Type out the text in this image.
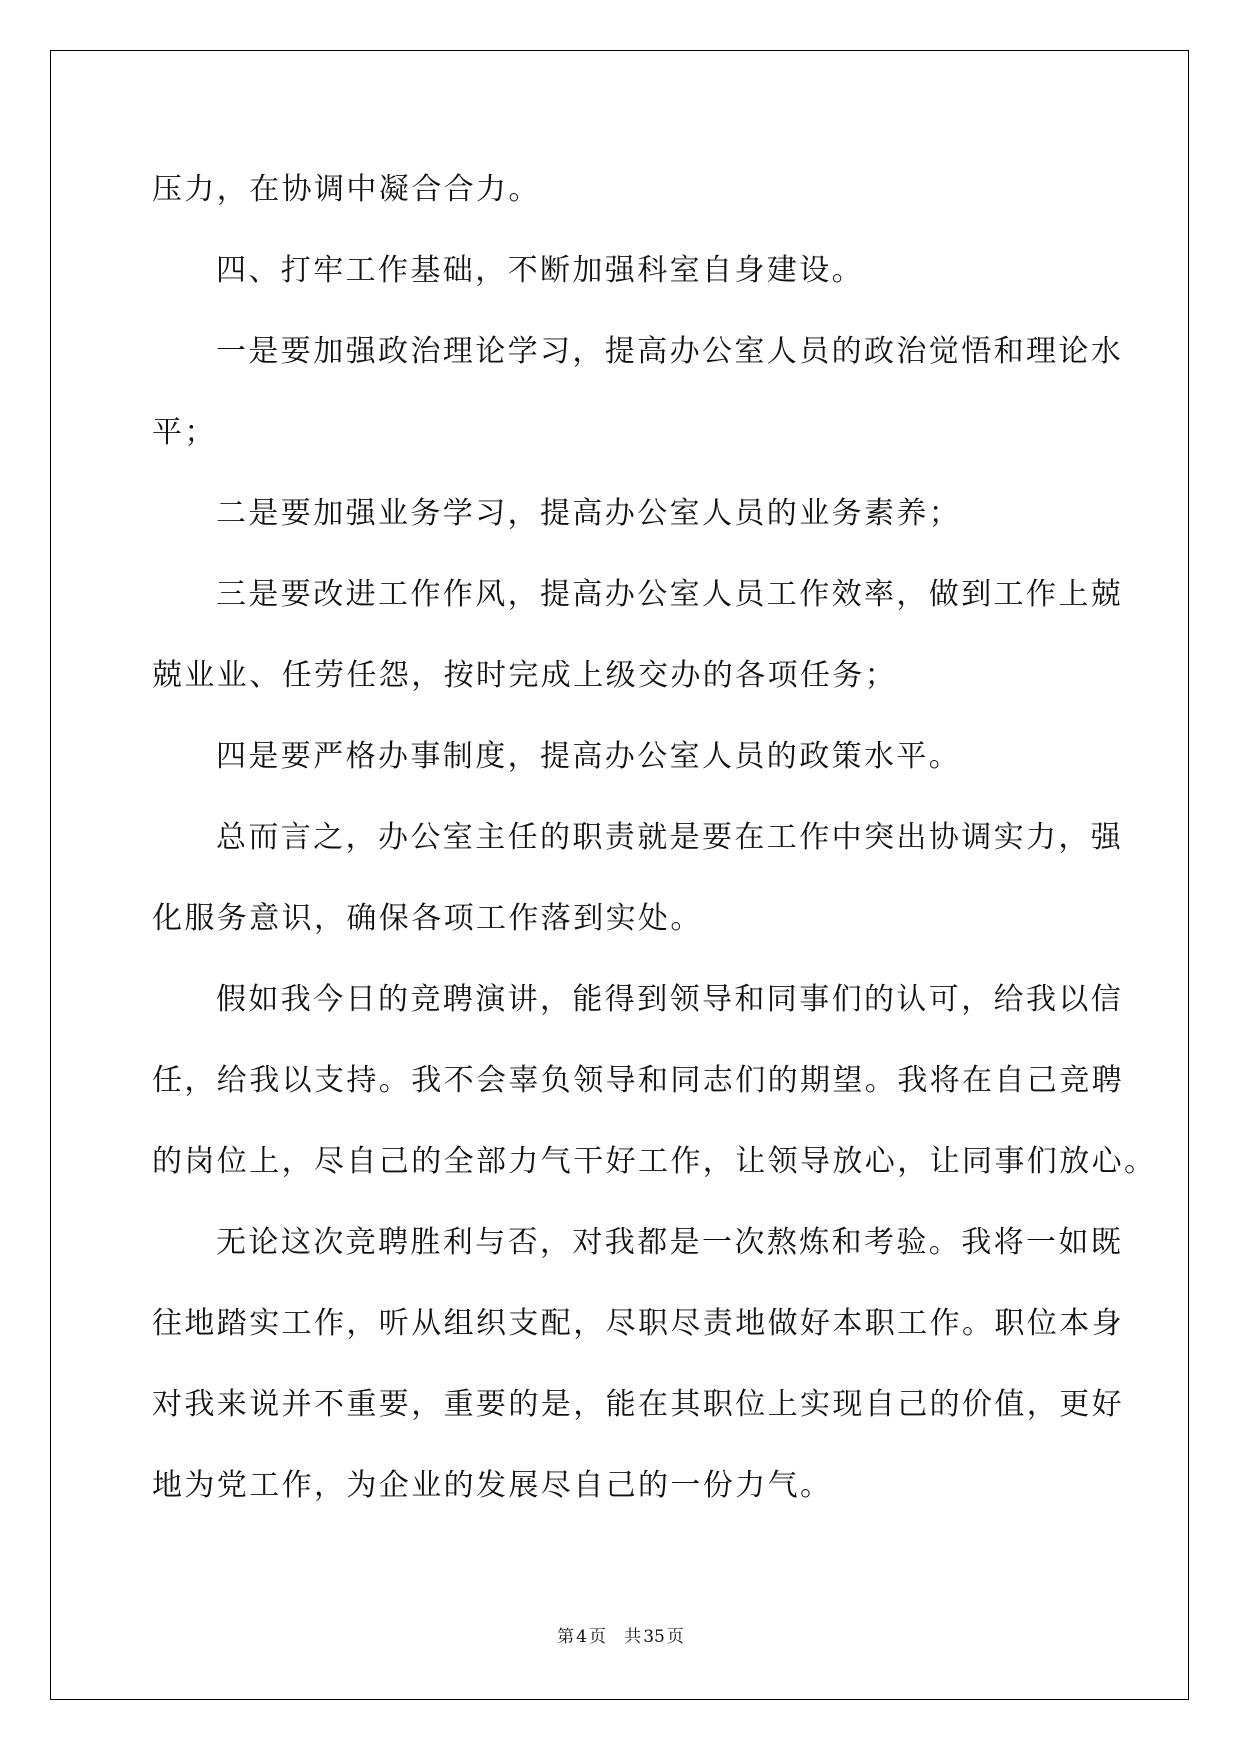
压力，在协调中凝合合力。
四、打牢工作基础，不断加强科室自身建设。
一是要加强政治理论学习，提高办公室人员的政治觉悟和理论水
平；
二是要加强业务学习，提高办公室人员的业务素养；
三是要改进工作作风，提高办公室人员工作效率，做到工作上兢
兢业业、任劳任怨，按时完成上级交办的各项任务；
四是要严格办事制度，提高办公室人员的政策水平。
总而言之，办公室主任的职责就是要在工作中突出协调实力，强
化服务意识，确保各项工作落到实处。
假如我今日的竞聘演讲，能得到领导和同事们的认可，给我以信
任，给我以支持。我不会辜负领导和同志们的期望。我将在自己竞聘
的岗位上，尽自己的全部力气干好工作，让领导放心，让同事们放心。
无论这次竞聘胜利与否，对我都是一次熬炼和考验。我将一如既
往地踏实工作，听从组织支配，尽职尽责地做好本职工作。职位本身
对我来说并不重要，重要的是，能在其职位上实现自己的价值，更好
地为党工作，为企业的发展尽自己的一份力气。
第 4 页 共 35 页
